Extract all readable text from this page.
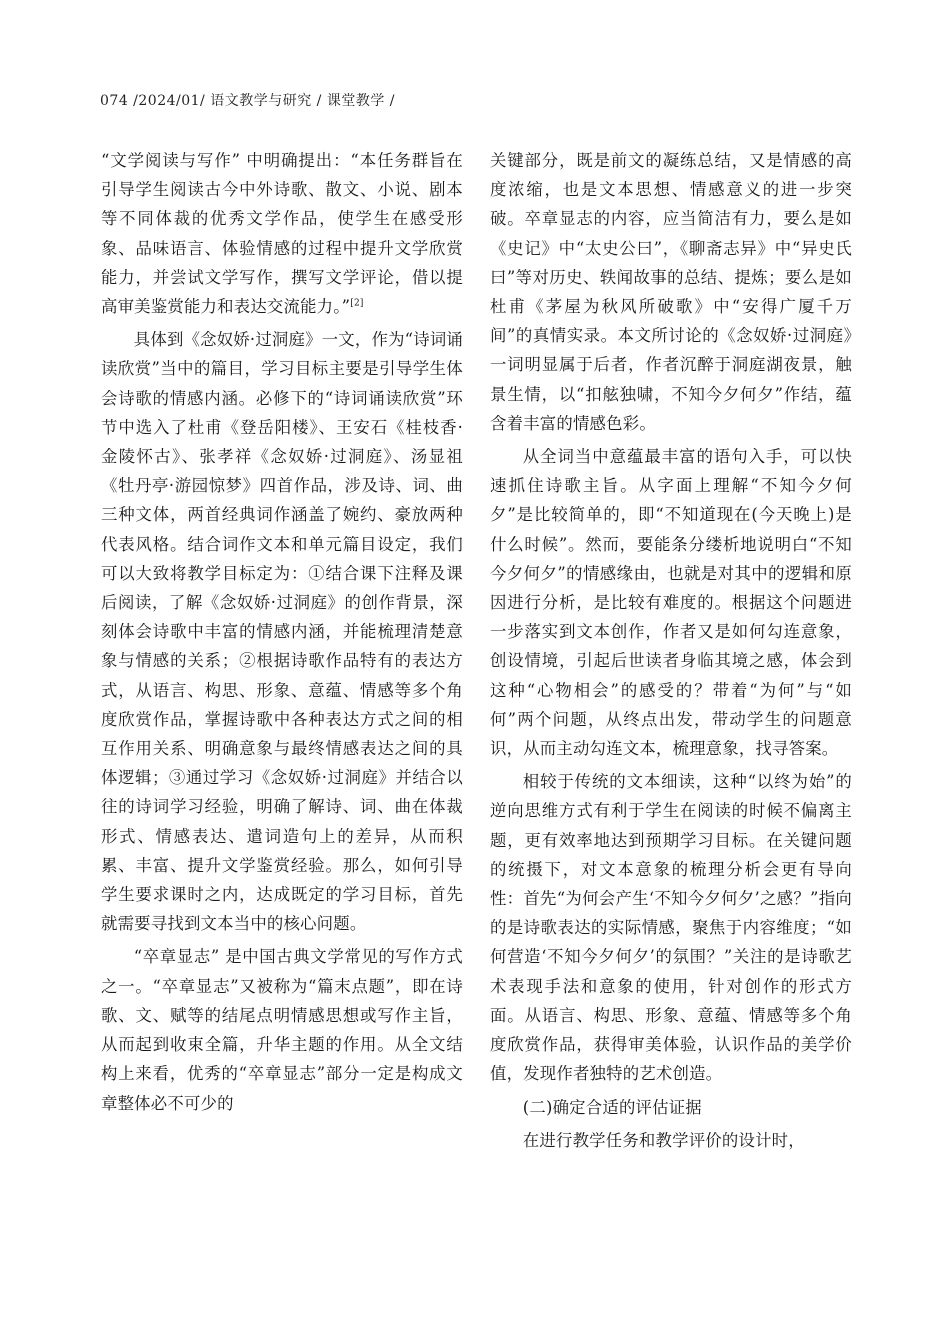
074 /2024/01/ 语文教学与研究 / 课堂教学 /

“文学阅读与写作” 中明确提出：“本任务群旨在引导学生阅读古今中外诗歌、散文、小说、剧本等不同体裁的优秀文学作品，使学生在感受形象、品味语言、体验情感的过程中提升文学欣赏能力，并尝试文学写作，撰写文学评论，借以提高审美鉴赏能力和表达交流能力。”[2]

具体到《念奴娇·过洞庭》一文，作为“诗词诵读欣赏”当中的篇目，学习目标主要是引导学生体会诗歌的情感内涵。必修下的“诗词诵读欣赏”环节中选入了杜甫《登岳阳楼》、王安石《桂枝香·金陵怀古》、张孝祥《念奴娇·过洞庭》、汤显祖《牡丹亭·游园惊梦》四首作品，涉及诗、词、曲三种文体，两首经典词作涵盖了婉约、豪放两种代表风格。结合词作文本和单元篇目设定，我们可以大致将教学目标定为：①结合课下注释及课后阅读，了解《念奴娇·过洞庭》的创作背景，深刻体会诗歌中丰富的情感内涵，并能梳理清楚意象与情感的关系；②根据诗歌作品特有的表达方式，从语言、构思、形象、意蕴、情感等多个角度欣赏作品，掌握诗歌中各种表达方式之间的相互作用关系、明确意象与最终情感表达之间的具体逻辑；③通过学习《念奴娇·过洞庭》并结合以往的诗词学习经验，明确了解诗、词、曲在体裁形式、情感表达、遣词造句上的差异，从而积累、丰富、提升文学鉴赏经验。那么，如何引导学生要求课时之内，达成既定的学习目标，首先就需要寻找到文本当中的核心问题。

“卒章显志” 是中国古典文学常见的写作方式之一。“卒章显志”又被称为“篇末点题”，即在诗歌、文、赋等的结尾点明情感思想或写作主旨，从而起到收束全篇，升华主题的作用。从全文结构上来看，优秀的“卒章显志”部分一定是构成文章整体必不可少的

关键部分，既是前文的凝练总结，又是情感的高度浓缩，也是文本思想、情感意义的进一步突破。卒章显志的内容，应当简洁有力，要么是如《史记》中“太史公曰”，《聊斋志异》中“异史氏曰”等对历史、轶闻故事的总结、提炼；要么是如杜甫《茅屋为秋风所破歌》中“安得广厦千万间”的真情实录。本文所讨论的《念奴娇·过洞庭》一词明显属于后者，作者沉醉于洞庭湖夜景，触景生情，以“扣舷独啸，不知今夕何夕”作结，蕴含着丰富的情感色彩。

从全词当中意蕴最丰富的语句入手，可以快速抓住诗歌主旨。从字面上理解“不知今夕何夕”是比较简单的，即“不知道现在(今天晚上)是什么时候”。然而，要能条分缕析地说明白“不知今夕何夕”的情感缘由，也就是对其中的逻辑和原因进行分析，是比较有难度的。根据这个问题进一步落实到文本创作，作者又是如何勾连意象，创设情境，引起后世读者身临其境之感，体会到这种“心物相会”的感受的？带着“为何”与“如何”两个问题，从终点出发，带动学生的问题意识，从而主动勾连文本，梳理意象，找寻答案。

相较于传统的文本细读，这种“以终为始”的逆向思维方式有利于学生在阅读的时候不偏离主题，更有效率地达到预期学习目标。在关键问题的统摄下，对文本意象的梳理分析会更有导向性：首先“为何会产生‘不知今夕何夕’之感？”指向的是诗歌表达的实际情感，聚焦于内容维度；“如何营造‘不知今夕何夕’的氛围？”关注的是诗歌艺术表现手法和意象的使用，针对创作的形式方面。从语言、构思、形象、意蕴、情感等多个角度欣赏作品，获得审美体验，认识作品的美学价值，发现作者独特的艺术创造。

(二)确定合适的评估证据

在进行教学任务和教学评价的设计时，
